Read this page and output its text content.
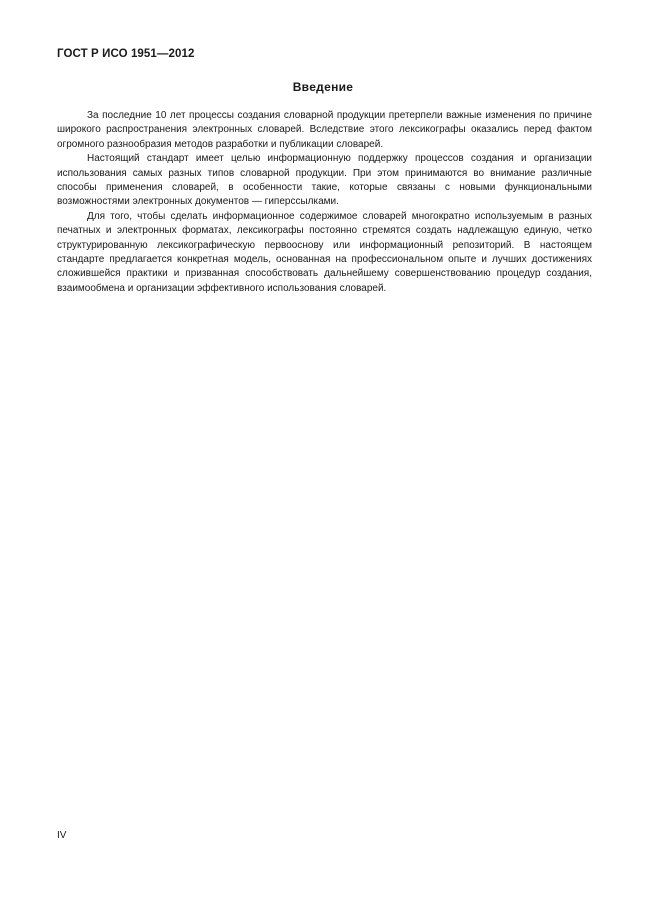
ГОСТ Р ИСО 1951—2012
Введение

За последние 10 лет процессы создания словарной продукции претерпели важные изменения по причине широкого распространения электронных словарей. Вследствие этого лексикографы оказались перед фактом огромного разнообразия методов разработки и публикации словарей.

Настоящий стандарт имеет целью информационную поддержку процессов создания и организации использования самых разных типов словарной продукции. При этом принимаются во внимание различные способы применения словарей, в особенности такие, которые связаны с новыми функциональными возможностями электронных документов — гиперссылками.

Для того, чтобы сделать информационное содержимое словарей многократно используемым в разных печатных и электронных форматах, лексикографы постоянно стремятся создать надлежащую единую, четко структурированную лексикографическую первооснову или информационный репозиторий. В настоящем стандарте предлагается конкретная модель, основанная на профессиональном опыте и лучших достижениях сложившейся практики и призванная способствовать дальнейшему совершенствованию процедур создания, взаимообмена и организации эффективного использования словарей.

IV
